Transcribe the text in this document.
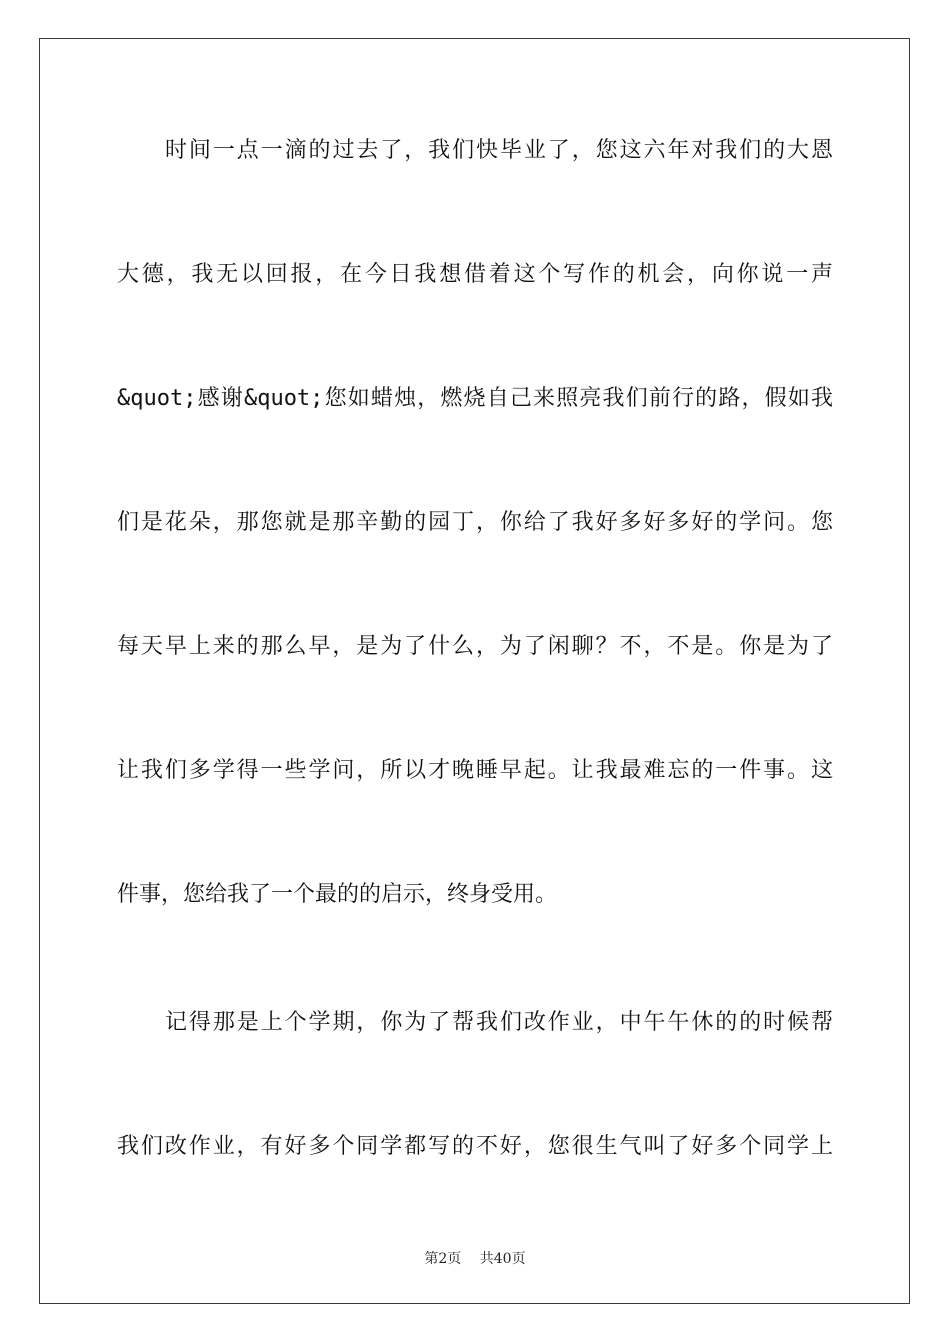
时间一点一滴的过去了，我们快毕业了，您这六年对我们的大恩
大德，我无以回报，在今日我想借着这个写作的机会，向你说一声
&quot;感谢&quot;您如蜡烛，燃烧自己来照亮我们前行的路，假如我
们是花朵，那您就是那辛勤的园丁，你给了我好多好多好的学问。您
每天早上来的那么早，是为了什么，为了闲聊？不，不是。你是为了
让我们多学得一些学问，所以才晚睡早起。让我最难忘的一件事。这
件事，您给我了一个最的的启示，终身受用。
记得那是上个学期，你为了帮我们改作业，中午午休的的时候帮
我们改作业，有好多个同学都写的不好，您很生气叫了好多个同学上
第2页 共40页
